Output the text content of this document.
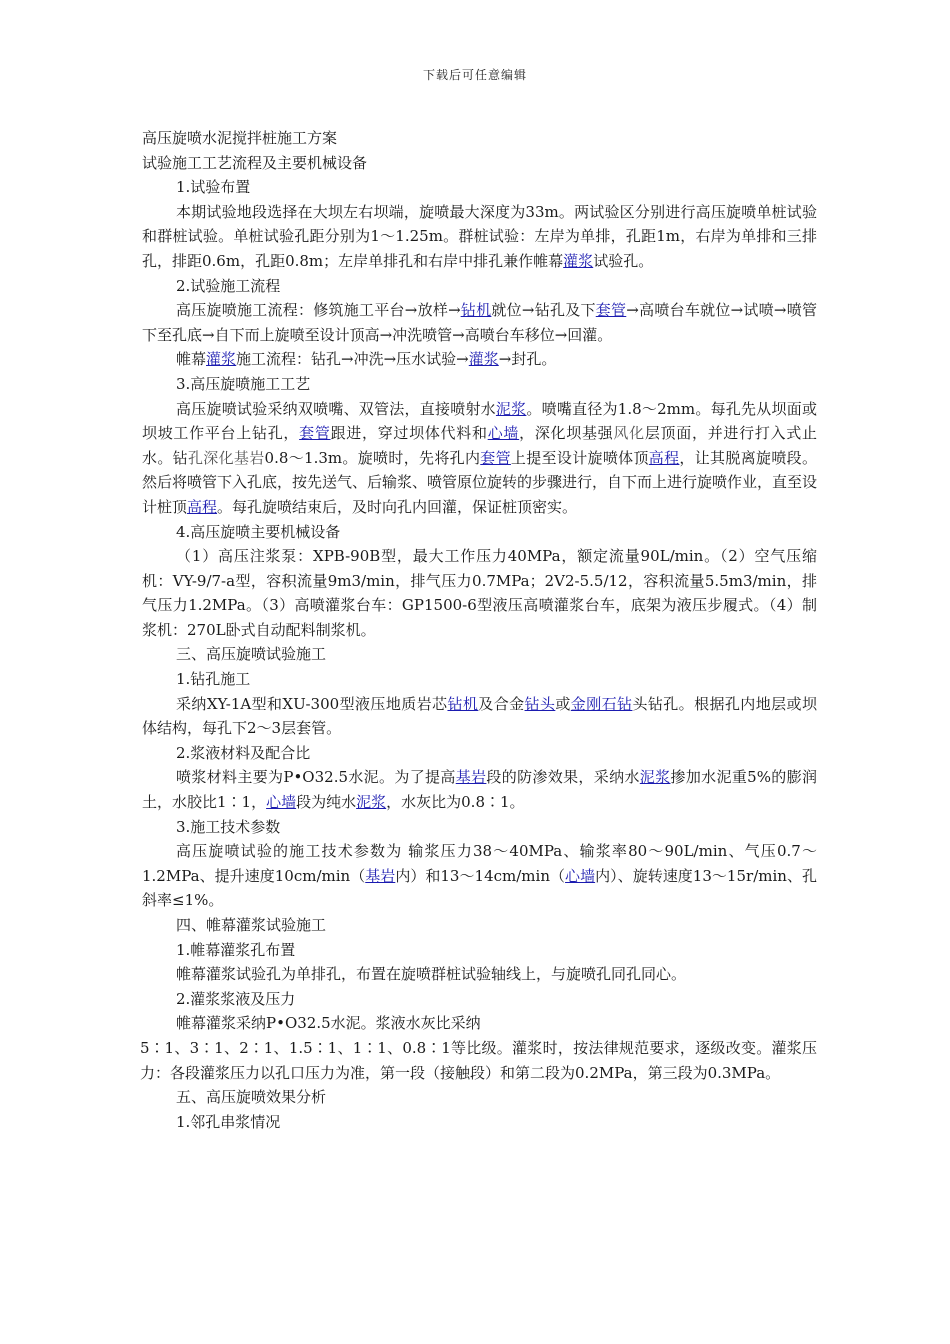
下载后可任意编辑

高压旋喷水泥搅拌桩施工方案

试验施工工艺流程及主要机械设备

1.试验布置

本期试验地段选择在大坝左右坝端，旋喷最大深度为33m。两试验区分别进行高压旋喷单桩试验和群桩试验。单桩试验孔距分别为1～1.25m。群桩试验：左岸为单排，孔距1m，右岸为单排和三排孔，排距0.6m，孔距0.8m；左岸单排孔和右岸中排孔兼作帷幕灌浆试验孔。

2.试验施工流程

高压旋喷施工流程：修筑施工平台→放样→钻机就位→钻孔及下套管→高喷台车就位→试喷→喷管下至孔底→自下而上旋喷至设计顶高→冲洗喷管→高喷台车移位→回灌。

帷幕灌浆施工流程：钻孔→冲洗→压水试验→灌浆→封孔。

3.高压旋喷施工工艺

高压旋喷试验采纳双喷嘴、双管法，直接喷射水泥浆。喷嘴直径为1.8～2mm。每孔先从坝面或坝坡工作平台上钻孔，套管跟进，穿过坝体代料和心墙，深化坝基强风化层顶面，并进行打入式止水。钻孔深化基岩0.8～1.3m。旋喷时，先将孔内套管上提至设计旋喷体顶高程，让其脱离旋喷段。然后将喷管下入孔底，按先送气、后输浆、喷管原位旋转的步骤进行，自下而上进行旋喷作业，直至设计桩顶高程。每孔旋喷结束后，及时向孔内回灌，保证桩顶密实。

4.高压旋喷主要机械设备

（1）高压注浆泵：XPB-90B型，最大工作压力40MPa，额定流量90L/min。（2）空气压缩机：VY-9/7-a型，容积流量9m3/min，排气压力0.7MPa；2V2-5.5/12，容积流量5.5m3/min，排气压力1.2MPa。（3）高喷灌浆台车：GP1500-6型液压高喷灌浆台车，底架为液压步履式。（4）制浆机：270L卧式自动配料制浆机。

三、高压旋喷试验施工

1.钻孔施工

采纳XY-1A型和XU-300型液压地质岩芯钻机及合金钻头或金刚石钻头钻孔。根据孔内地层或坝体结构，每孔下2～3层套管。

2.浆液材料及配合比

喷浆材料主要为P•O32.5水泥。为了提高基岩段的防渗效果，采纳水泥浆掺加水泥重5%的膨润土，水胶比1∶1，心墙段为纯水泥浆，水灰比为0.8∶1。

3.施工技术参数

高压旋喷试验的施工技术参数为 输浆压力38～40MPa、输浆率80～90L/min、气压0.7～1.2MPa、提升速度10cm/min（基岩内）和13～14cm/min（心墙内）、旋转速度13～15r/min、孔斜率≤1%。

四、帷幕灌浆试验施工

1.帷幕灌浆孔布置

帷幕灌浆试验孔为单排孔，布置在旋喷群桩试验轴线上，与旋喷孔同孔同心。

2.灌浆浆液及压力

帷幕灌浆采纳P•O32.5水泥。浆液水灰比采纳

5∶1、3∶1、2∶1、1.5∶1、1∶1、0.8∶1等比级。灌浆时，按法律规范要求，逐级改变。灌浆压力：各段灌浆压力以孔口压力为准，第一段（接触段）和第二段为0.2MPa，第三段为0.3MPa。

五、高压旋喷效果分析

1.邻孔串浆情况
